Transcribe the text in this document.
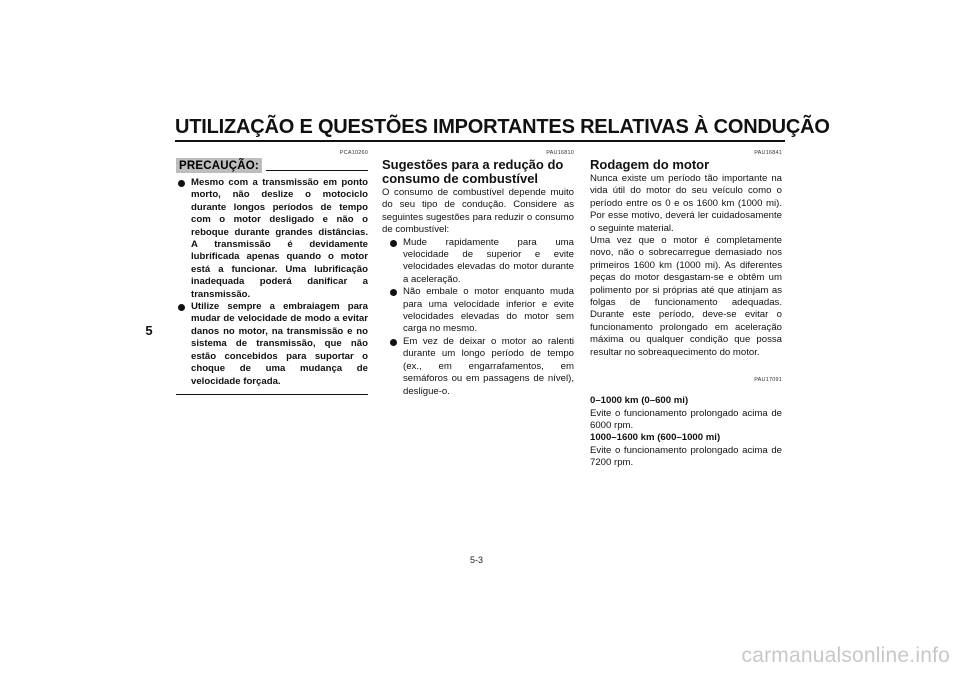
UTILIZAÇÃO E QUESTÕES IMPORTANTES RELATIVAS À CONDUÇÃO
5
PCA10260
PRECAUÇÃO:
Mesmo com a transmissão em ponto morto, não deslize o motociclo durante longos períodos de tempo com o motor desligado e não o reboque durante grandes distâncias. A transmissão é devidamente lubrificada apenas quando o motor está a funcionar. Uma lubrificação inadequada poderá danificar a transmissão.
Utilize sempre a embraiagem para mudar de velocidade de modo a evitar danos no motor, na transmissão e no sistema de transmissão, que não estão concebidos para suportar o choque de uma mudança de velocidade forçada.
PAU16810
Sugestões para a redução do consumo de combustível
O consumo de combustível depende muito do seu tipo de condução. Considere as seguintes sugestões para reduzir o consumo de combustível:
Mude rapidamente para uma velocidade de superior e evite velocidades elevadas do motor durante a aceleração.
Não embale o motor enquanto muda para uma velocidade inferior e evite velocidades elevadas do motor sem carga no mesmo.
Em vez de deixar o motor ao ralenti durante um longo período de tempo (ex., em engarrafamentos, em semáforos ou em passagens de nível), desligue-o.
PAU16841
Rodagem do motor
Nunca existe um período tão importante na vida útil do motor do seu veículo como o período entre os 0 e os 1600 km (1000 mi). Por esse motivo, deverá ler cuidadosamente o seguinte material.
Uma vez que o motor é completamente novo, não o sobrecarregue demasiado nos primeiros 1600 km (1000 mi). As diferentes peças do motor desgastam-se e obtêm um polimento por si próprias até que atinjam as folgas de funcionamento adequadas. Durante este período, deve-se evitar o funcionamento prolongado em aceleração máxima ou qualquer condição que possa resultar no sobreaquecimento do motor.
PAU17091
0–1000 km (0–600 mi)
Evite o funcionamento prolongado acima de 6000 rpm.
1000–1600 km (600–1000 mi)
Evite o funcionamento prolongado acima de 7200 rpm.
5-3
carmanualsonline.info
